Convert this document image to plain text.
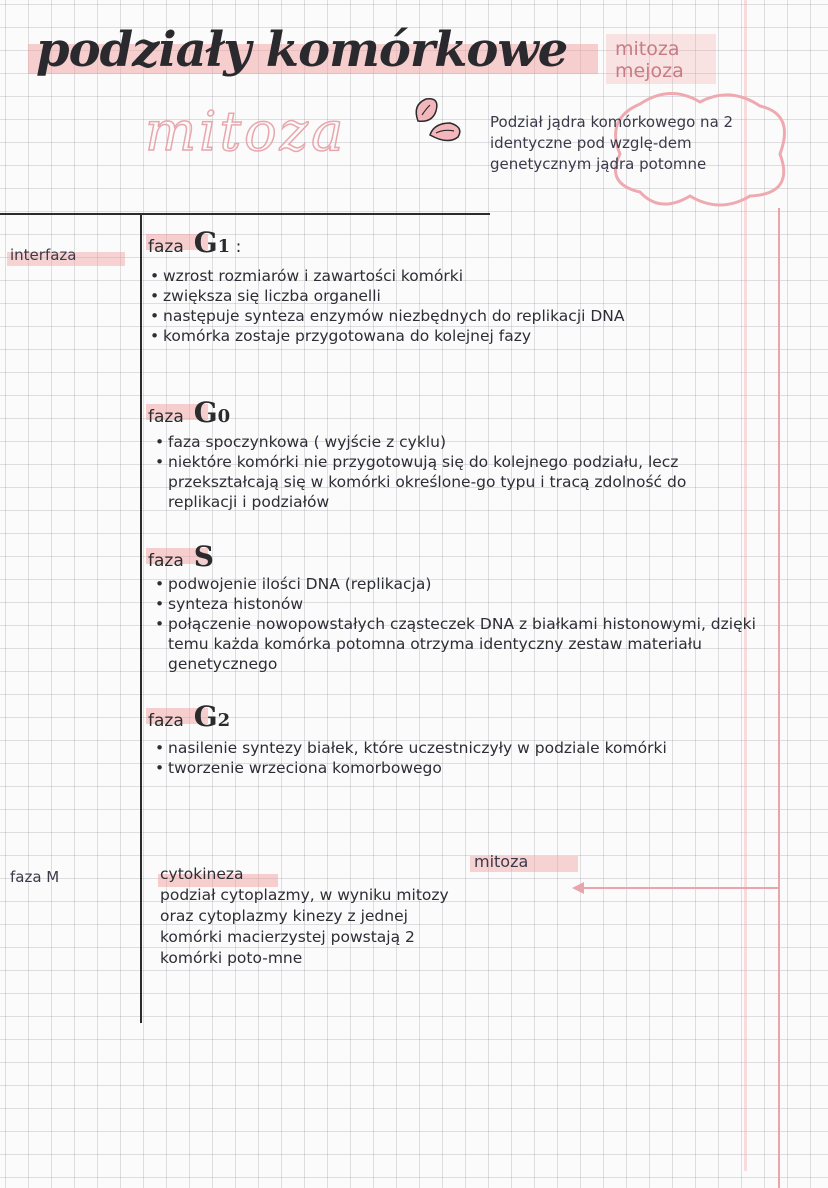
podziały komórkowe	mitoza
mejoza
mitoza	Podział jądra komórkowego na 2 identyczne pod wzglę-dem genetycznym jądra potomne
interfaza	faza G1 :
• wzrost rozmiarów i zawartości komórki
• zwiększa się liczba organelli
• następuje synteza enzymów niezbędnych do replikacji DNA
• komórka zostaje przygotowana do kolejnej fazy
faza G0
• faza spoczynkowa ( wyjście z cyklu)
• niektóre komórki nie przygotowują się do kolejnego podziału, lecz przekształcają się w komórki określone-go typu i tracą zdolność do replikacji i podziałów
faza S
• podwojenie ilości DNA (replikacja)
• synteza histonów
• połączenie nowopowstałych cząsteczek DNA z białkami histonowymi, dzięki temu każda komórka potomna otrzyma identyczny zestaw materiału genetycznego
faza G2
• nasilenie syntezy białek, które uczestniczyły w podziale komórki
• tworzenie wrzeciona komorbowego
faza M
mitoza
cytokineza
podział cytoplazmy, w wyniku mitozy oraz cytoplazmy kinezy z jednej komórki macierzystej powstają 2 komórki poto-mne
